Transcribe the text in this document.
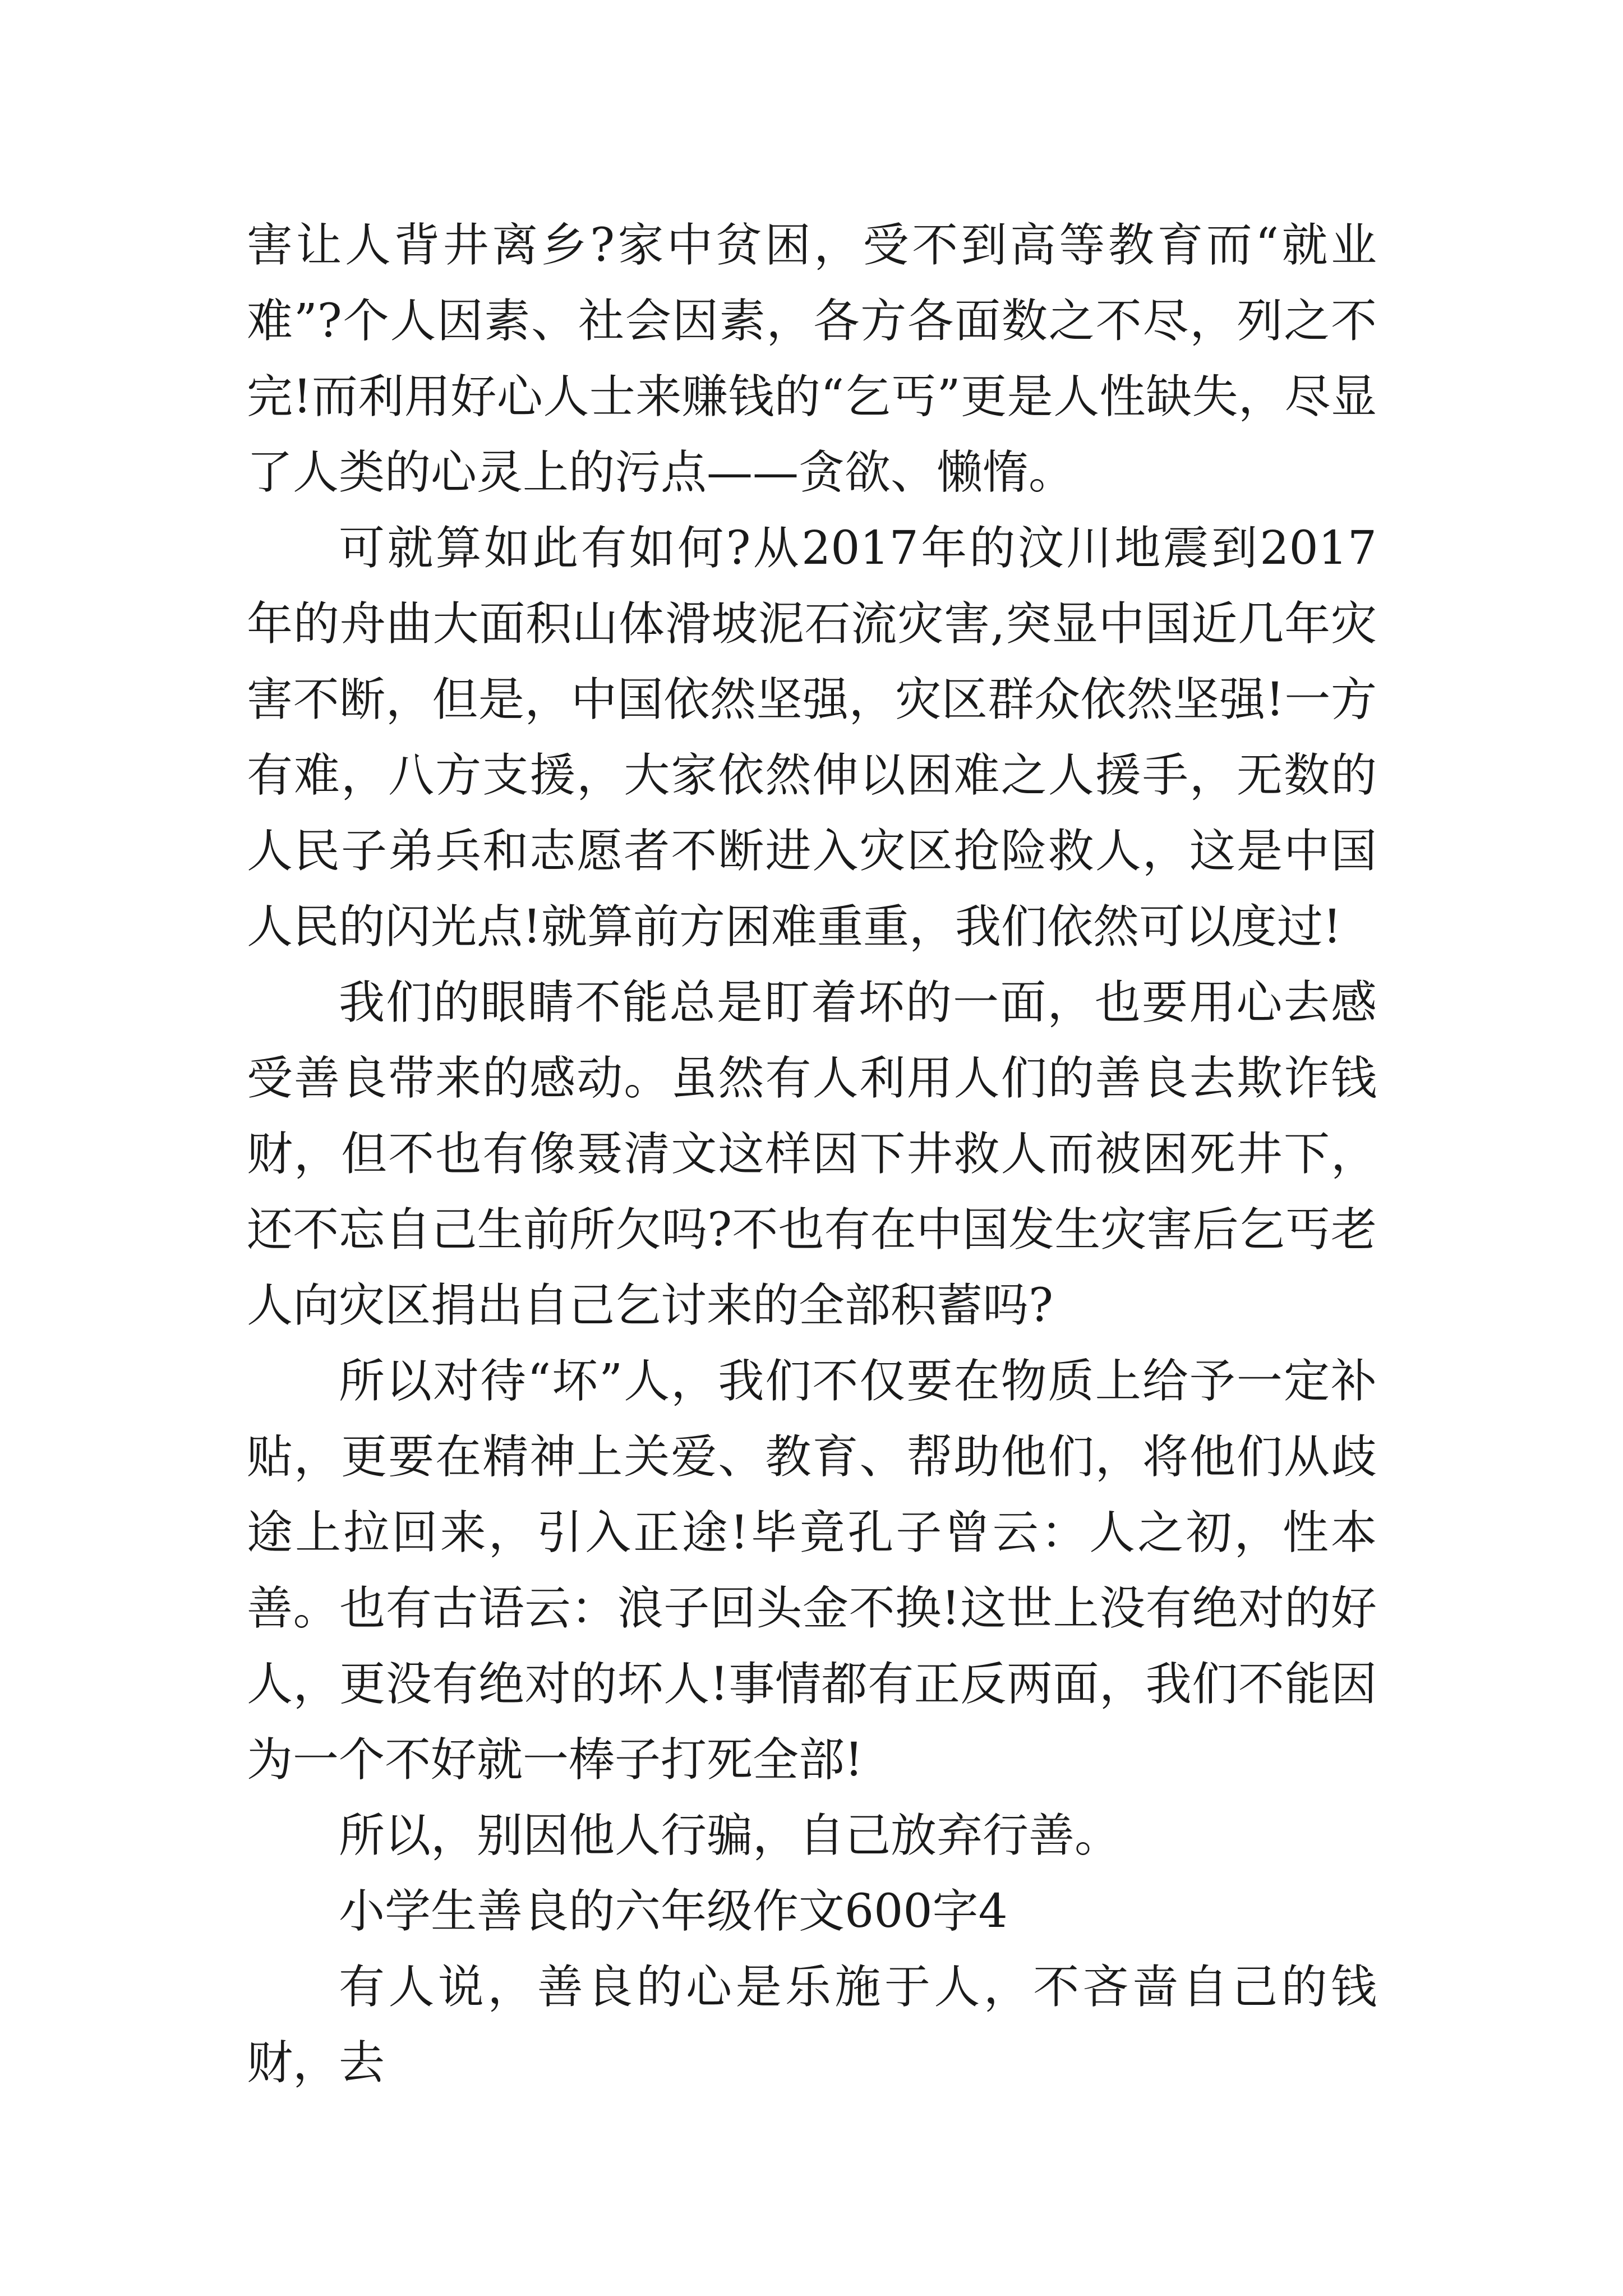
害让人背井离乡?家中贫困，受不到高等教育而“就业难”?个人因素、社会因素，各方各面数之不尽，列之不完!而利用好心人士来赚钱的“乞丐”更是人性缺失，尽显了人类的心灵上的污点——贪欲、懒惰。

可就算如此有如何?从2017年的汶川地震到2017年的舟曲大面积山体滑坡泥石流灾害,突显中国近几年灾害不断，但是，中国依然坚强，灾区群众依然坚强!一方有难，八方支援，大家依然伸以困难之人援手，无数的人民子弟兵和志愿者不断进入灾区抢险救人，这是中国人民的闪光点!就算前方困难重重，我们依然可以度过!

我们的眼睛不能总是盯着坏的一面，也要用心去感受善良带来的感动。虽然有人利用人们的善良去欺诈钱财，但不也有像聂清文这样因下井救人而被困死井下，还不忘自己生前所欠吗?不也有在中国发生灾害后乞丐老人向灾区捐出自己乞讨来的全部积蓄吗?

所以对待“坏”人，我们不仅要在物质上给予一定补贴，更要在精神上关爱、教育、帮助他们，将他们从歧途上拉回来，引入正途!毕竟孔子曾云：人之初，性本善。也有古语云：浪子回头金不换!这世上没有绝对的好人，更没有绝对的坏人!事情都有正反两面，我们不能因为一个不好就一棒子打死全部!

所以，别因他人行骗，自己放弃行善。

小学生善良的六年级作文600字4

有人说，善良的心是乐施于人，不吝啬自己的钱财，去
